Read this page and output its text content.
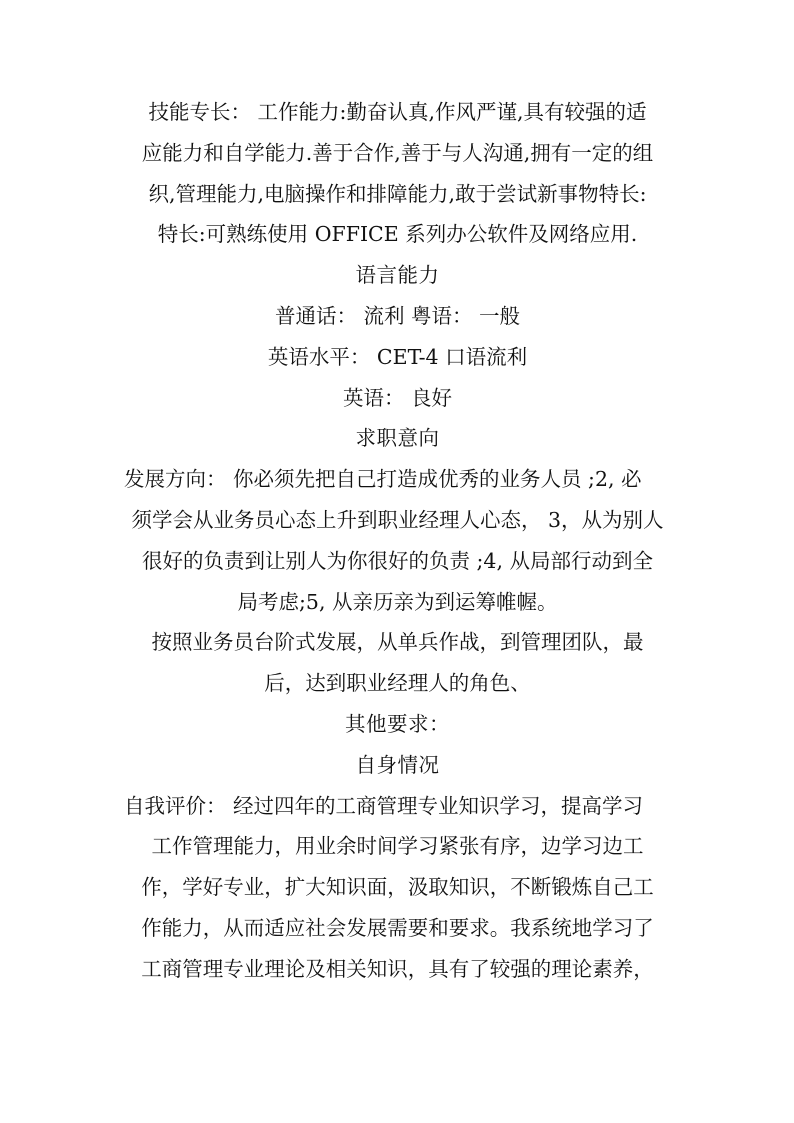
技能专长： 工作能力:勤奋认真,作风严谨,具有较强的适
应能力和自学能力.善于合作,善于与人沟通,拥有一定的组
织,管理能力,电脑操作和排障能力,敢于尝试新事物特长:
特长:可熟练使用 OFFICE 系列办公软件及网络应用.
语言能力
普通话： 流利 粤语： 一般
英语水平： CET-4 口语流利
英语： 良好
求职意向
发展方向： 你必须先把自己打造成优秀的业务人员 ;2, 必
须学会从业务员心态上升到职业经理人心态， 3，从为别人
很好的负责到让别人为你很好的负责 ;4, 从局部行动到全
局考虑;5, 从亲历亲为到运筹帷幄。
按照业务员台阶式发展，从单兵作战，到管理团队，最
后，达到职业经理人的角色、
其他要求：
自身情况
自我评价： 经过四年的工商管理专业知识学习，提高学习
工作管理能力，用业余时间学习紧张有序，边学习边工
作，学好专业，扩大知识面，汲取知识，不断锻炼自己工
作能力，从而适应社会发展需要和要求。我系统地学习了
工商管理专业理论及相关知识，具有了较强的理论素养，
